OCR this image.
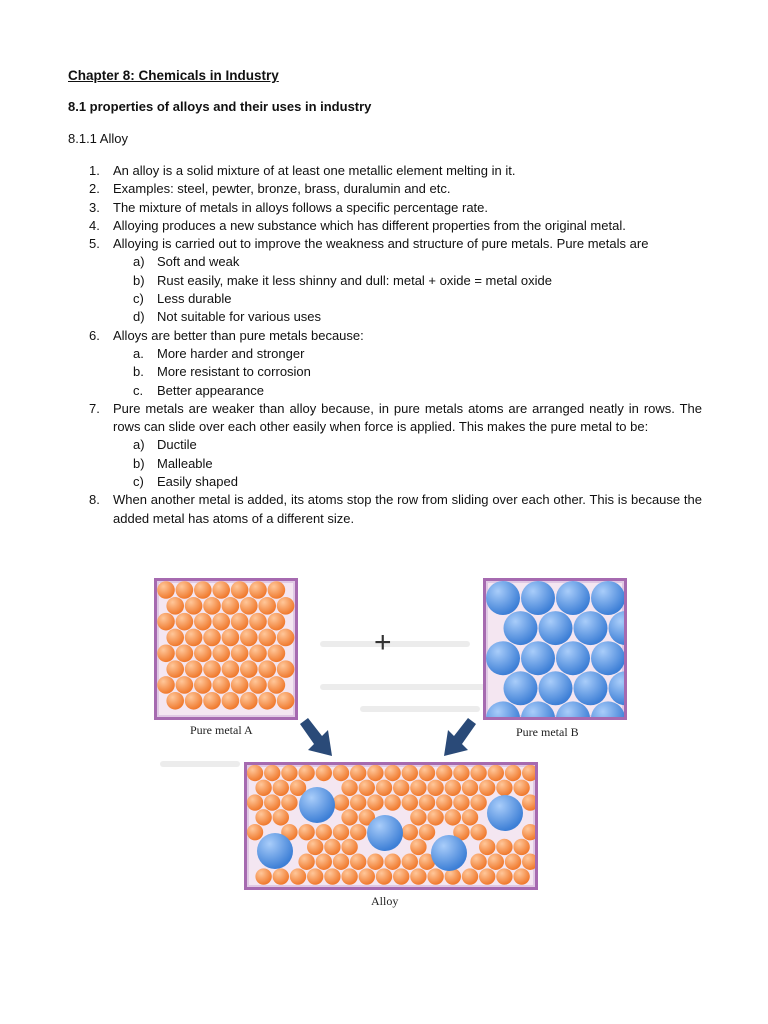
Chapter 8: Chemicals in Industry
8.1 properties of alloys and their uses in industry

8.1.1 Alloy

1. An alloy is a solid mixture of at least one metallic element melting in it.
2. Examples: steel, pewter, bronze, brass, duralumin and etc.
3. The mixture of metals in alloys follows a specific percentage rate.
4. Alloying produces a new substance which has different properties from the original metal.
5. Alloying is carried out to improve the weakness and structure of pure metals. Pure metals are
a) Soft and weak
b) Rust easily, make it less shinny and dull: metal + oxide = metal oxide
c) Less durable
d) Not suitable for various uses
6. Alloys are better than pure metals because:
a. More harder and stronger
b. More resistant to corrosion
c. Better appearance
7. Pure metals are weaker than alloy because, in pure metals atoms are arranged neatly in rows. The rows can slide over each other easily when force is applied. This makes the pure metal to be:
a) Ductile
b) Malleable
c) Easily shaped
8. When another metal is added, its atoms stop the row from sliding over each other. This is because the added metal has atoms of a different size.
+
Pure metal A	Pure metal B
Alloy
